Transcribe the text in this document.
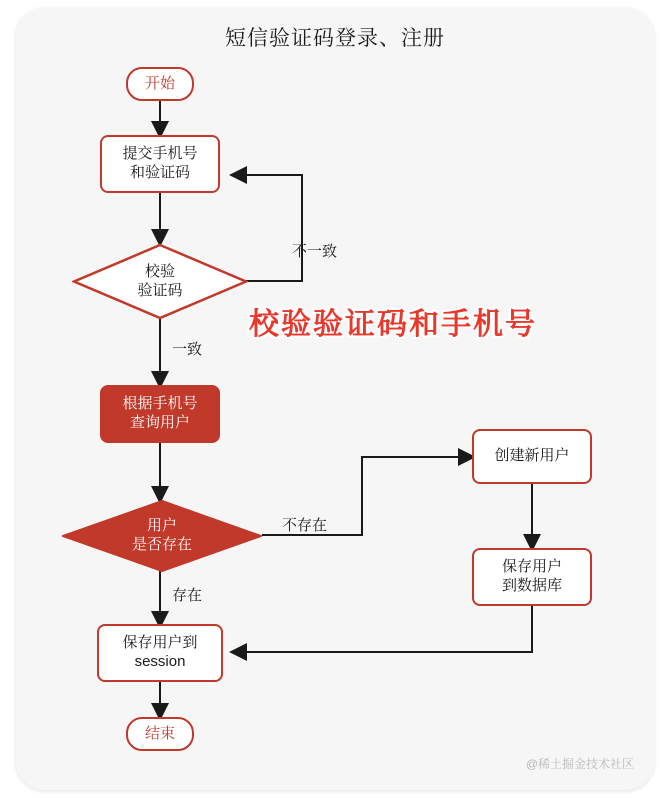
短信验证码登录、注册
开始
提交手机号
和验证码
校验
验证码
根据手机号
查询用户
用户
是否存在
创建新用户
保存用户
到数据库
保存用户到
session
结束
不一致
一致
不存在
存在
校验验证码和手机号
@稀土掘金技术社区
